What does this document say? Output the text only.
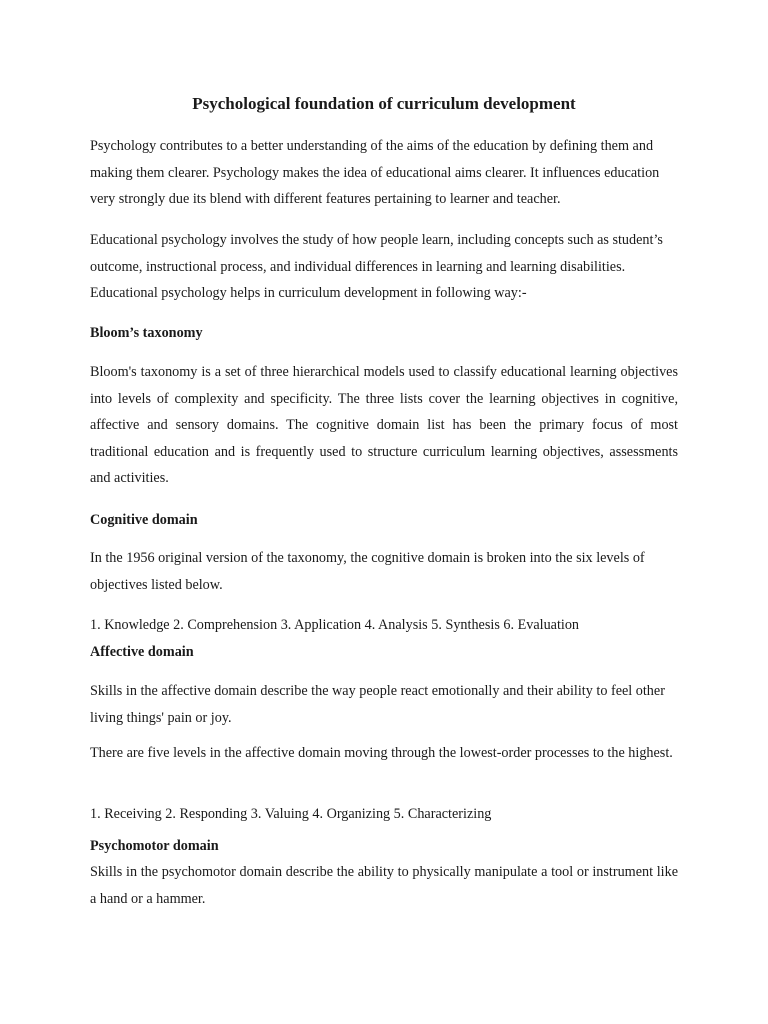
Psychological foundation of curriculum development

Psychology contributes to a better understanding of the aims of the education by defining them and making them clearer. Psychology makes the idea of educational aims clearer. It influences education very strongly due its blend with different features pertaining to learner and teacher.

Educational psychology involves the study of how people learn, including concepts such as student’s outcome, instructional process, and individual differences in learning and learning disabilities. Educational psychology helps in curriculum development in following way:-

Bloom’s taxonomy

Bloom's taxonomy is a set of three hierarchical models used to classify educational learning objectives into levels of complexity and specificity. The three lists cover the learning objectives in cognitive, affective and sensory domains. The cognitive domain list has been the primary focus of most traditional education and is frequently used to structure curriculum learning objectives, assessments and activities.

Cognitive domain

In the 1956 original version of the taxonomy, the cognitive domain is broken into the six levels of objectives listed below.

1. Knowledge 2. Comprehension 3. Application 4. Analysis 5. Synthesis 6. Evaluation

Affective domain

Skills in the affective domain describe the way people react emotionally and their ability to feel other living things' pain or joy.

There are five levels in the affective domain moving through the lowest-order processes to the highest.

1. Receiving 2. Responding 3. Valuing 4. Organizing 5. Characterizing

Psychomotor domain

Skills in the psychomotor domain describe the ability to physically manipulate a tool or instrument like a hand or a hammer.
